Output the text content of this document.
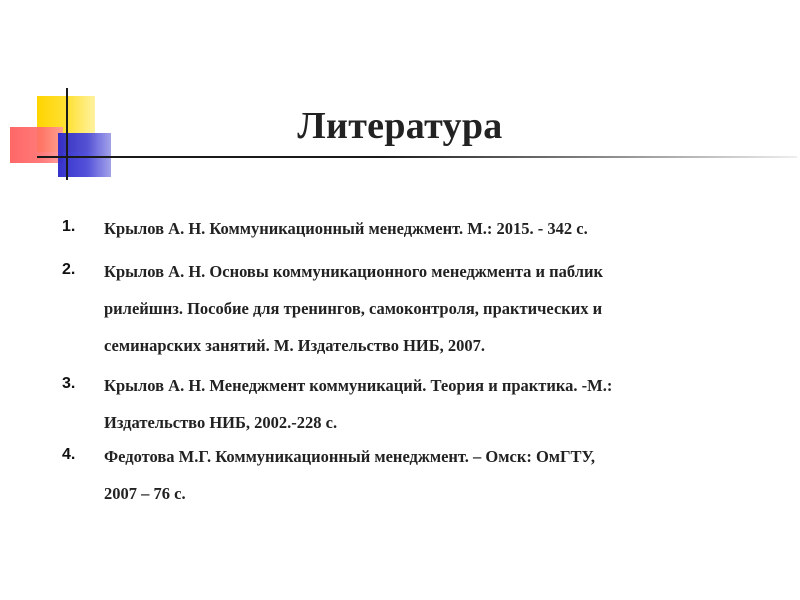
Литература
1. Крылов А. Н. Коммуникационный менеджмент. М.: 2015. - 342 с.
2. Крылов А. Н. Основы коммуникационного менеджмента и паблик
рилейшнз. Пособие для тренингов, самоконтроля, практических и
семинарских занятий. М. Издательство НИБ, 2007.
3. Крылов А. Н. Менеджмент коммуникаций. Теория и практика. -М.:
Издательство НИБ, 2002.-228 с.
4. Федотова М.Г. Коммуникационный менеджмент. – Омск: ОмГТУ,
2007 – 76 с.
